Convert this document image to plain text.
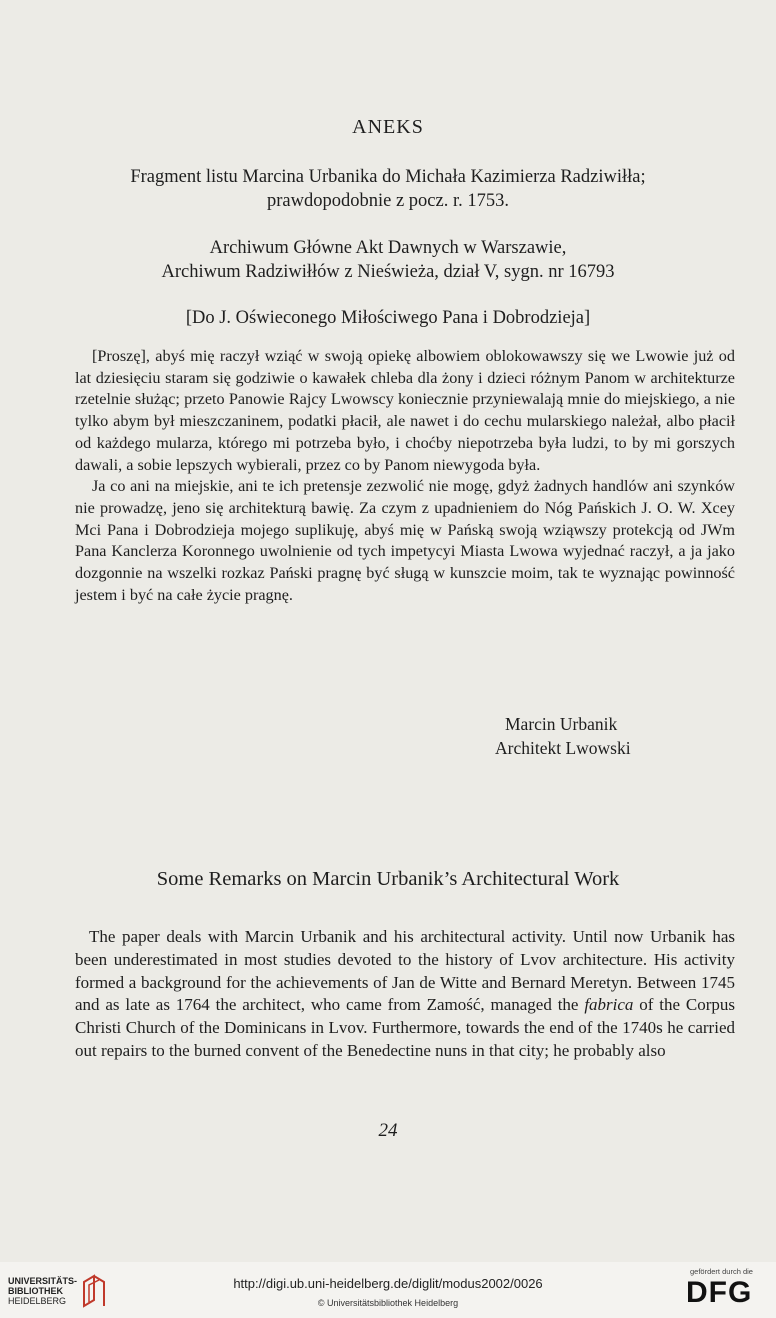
ANEKS
Fragment listu Marcina Urbanika do Michała Kazimierza Radziwiłła;
prawdopodobnie z pocz. r. 1753.
Archiwum Główne Akt Dawnych w Warszawie,
Archiwum Radziwiłłów z Nieświeża, dział V, sygn. nr 16793
[Do J. Oświeconego Miłościwego Pana i Dobrodzieja]

[Proszę], abyś mię raczył wziąć w swoją opiekę albowiem oblokowawszy się we Lwowie już od lat dziesięciu staram się godziwie o kawałek chleba dla żony i dzieci różnym Panom w architekturze rzetelnie służąc; przeto Panowie Rajcy Lwowscy koniecznie przyniewalają mnie do miejskiego, a nie tylko abym był mieszczaninem, podatki płacił, ale nawet i do cechu mularskiego należał, albo płacił od każdego mularza, którego mi potrzeba było, i choćby niepotrzeba była ludzi, to by mi gorszych dawali, a sobie lepszych wybierali, przez co by Panom niewygoda była.

Ja co ani na miejskie, ani te ich pretensje zezwolić nie mogę, gdyż żadnych handlów ani szynków nie prowadzę, jeno się architekturą bawię. Za czym z upadnieniem do Nóg Pańskich J. O. W. Xcey Mci Pana i Dobrodzieja mojego suplikuję, abyś mię w Pańską swoją wziąwszy protekcją od JWm Pana Kanclerza Koronnego uwolnienie od tych impetycyi Miasta Lwowa wyjednać raczył, a ja jako dozgonnie na wszelki rozkaz Pański pragnę być sługą w kunszcie moim, tak te wyznając powinność jestem i być na całe życie pragnę.

Marcin Urbanik
Architekt Lwowski
Some Remarks on Marcin Urbanik’s Architectural Work

The paper deals with Marcin Urbanik and his architectural activity. Until now Urbanik has been underestimated in most studies devoted to the history of Lvov architecture. His activity formed a background for the achievements of Jan de Witte and Bernard Meretyn. Between 1745 and as late as 1764 the architect, who came from Zamość, managed the fabrica of the Corpus Christi Church of the Dominicans in Lvov. Furthermore, towards the end of the 1740s he carried out repairs to the burned convent of the Benedectine nuns in that city; he probably also

24
UNIVERSITÄTS-
BIBLIOTHEK
HEIDELBERG
http://digi.ub.uni-heidelberg.de/diglit/modus2002/0026
© Universitätsbibliothek Heidelberg
gefördert durch die
DFG
